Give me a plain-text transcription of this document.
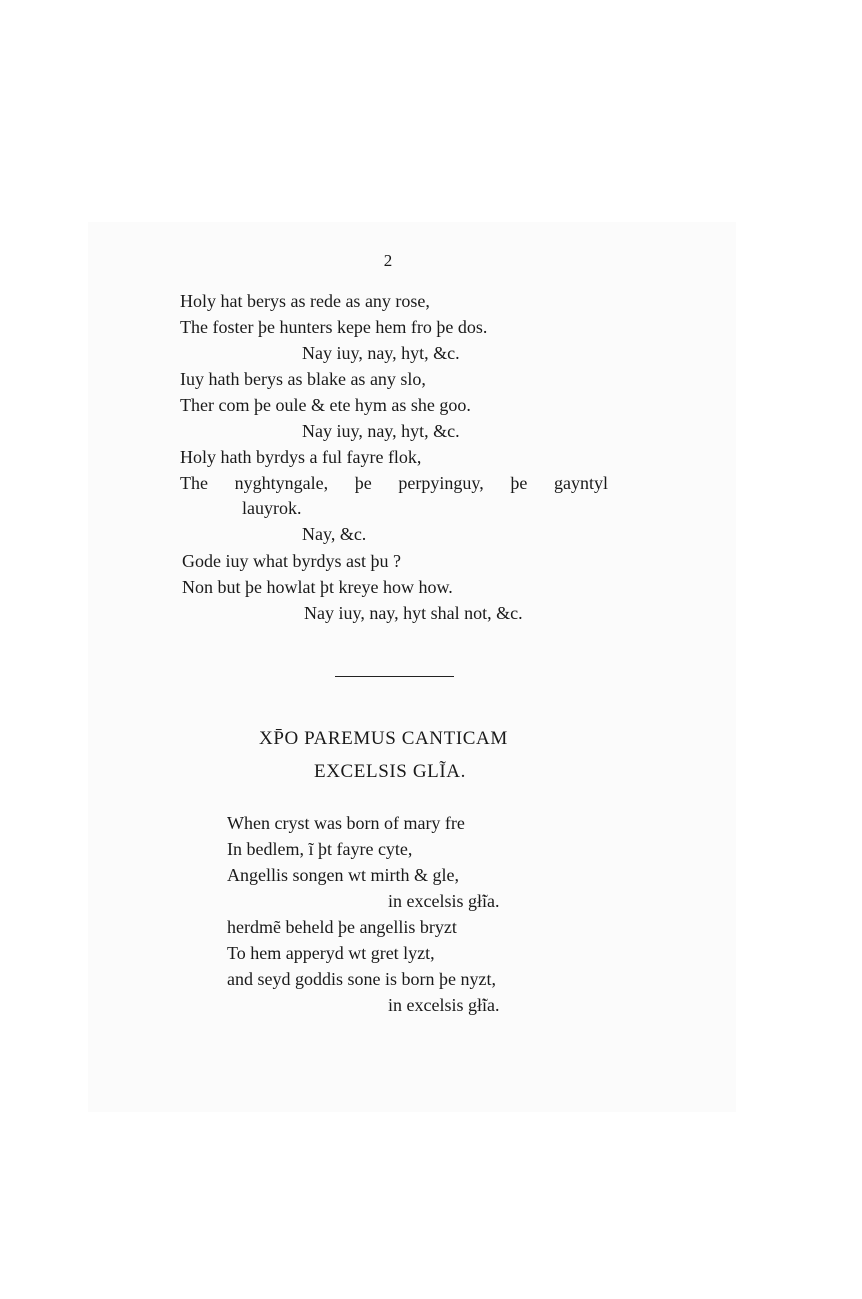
2
Holy hat berys as rede as any rose,
The foster þe hunters kepe hem fro þe dos.
Nay iuy, nay, hyt, &c.
Iuy hath berys as blake as any slo,
Ther com þe oule & ete hym as she goo.
Nay iuy, nay, hyt, &c.
Holy hath byrdys a ful fayre flok,
The nyghtyngale, þe perpyinguy, þe gayntyl
lauyrok.
Nay, &c.
Gode iuy what byrdys ast þu ?
Non but þe howlat þt kreye how how.
Nay iuy, nay, hyt shal not, &c.
XP̄O PAREMUS CANTICAM
EXCELSIS GLĨA.
When cryst was born of mary fre
In bedlem, ĩ þt fayre cyte,
Angellis songen wt mirth & gle,
in excelsis gł̃ia.
herdmẽ beheld þe angellis bryzt
To hem apperyd wt gret lyzt,
and seyd goddis sone is born þe nyzt,
in excelsis gł̃ia.
